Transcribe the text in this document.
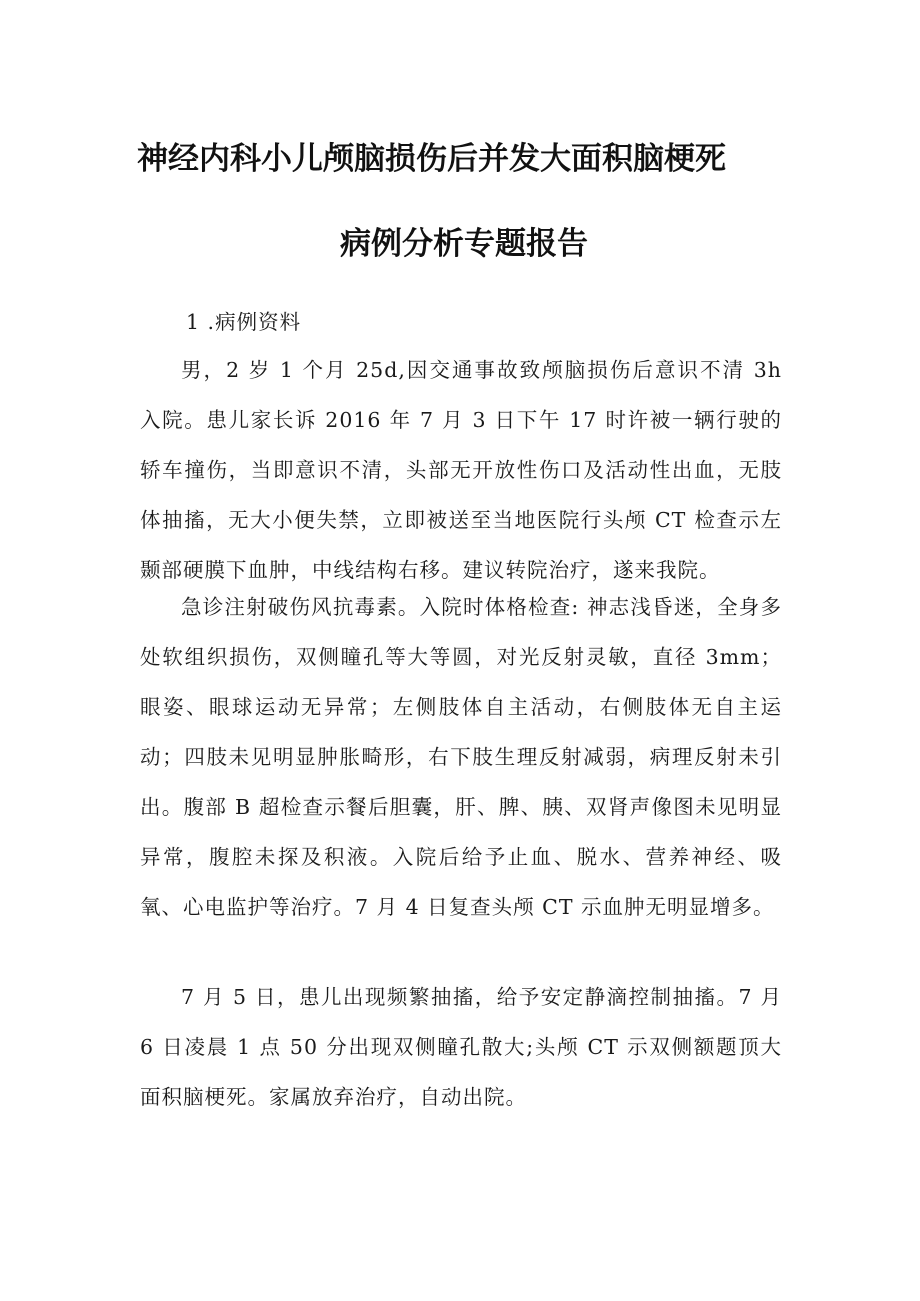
神经内科小儿颅脑损伤后并发大面积脑梗死
病例分析专题报告
1 .病例资料

男，2 岁 1 个月 25d,因交通事故致颅脑损伤后意识不清 3h 入院。患儿家长诉 2016 年 7 月 3 日下午 17 时许被一辆行驶的轿车撞伤，当即意识不清，头部无开放性伤口及活动性出血，无肢体抽搐，无大小便失禁，立即被送至当地医院行头颅 CT 检查示左颞部硬膜下血肿，中线结构右移。建议转院治疗，遂来我院。

急诊注射破伤风抗毒素。入院时体格检查: 神志浅昏迷，全身多处软组织损伤，双侧瞳孔等大等圆，对光反射灵敏，直径 3mm；眼姿、眼球运动无异常；左侧肢体自主活动，右侧肢体无自主运动；四肢未见明显肿胀畸形，右下肢生理反射减弱，病理反射未引出。腹部 B 超检查示餐后胆囊，肝、脾、胰、双肾声像图未见明显异常，腹腔未探及积液。入院后给予止血、脱水、营养神经、吸氧、心电监护等治疗。7 月 4 日复查头颅 CT 示血肿无明显增多。

7 月 5 日，患儿出现频繁抽搐，给予安定静滴控制抽搐。7 月 6 日凌晨 1 点 50 分出现双侧瞳孔散大;头颅 CT 示双侧额题顶大面积脑梗死。家属放弃治疗，自动出院。
